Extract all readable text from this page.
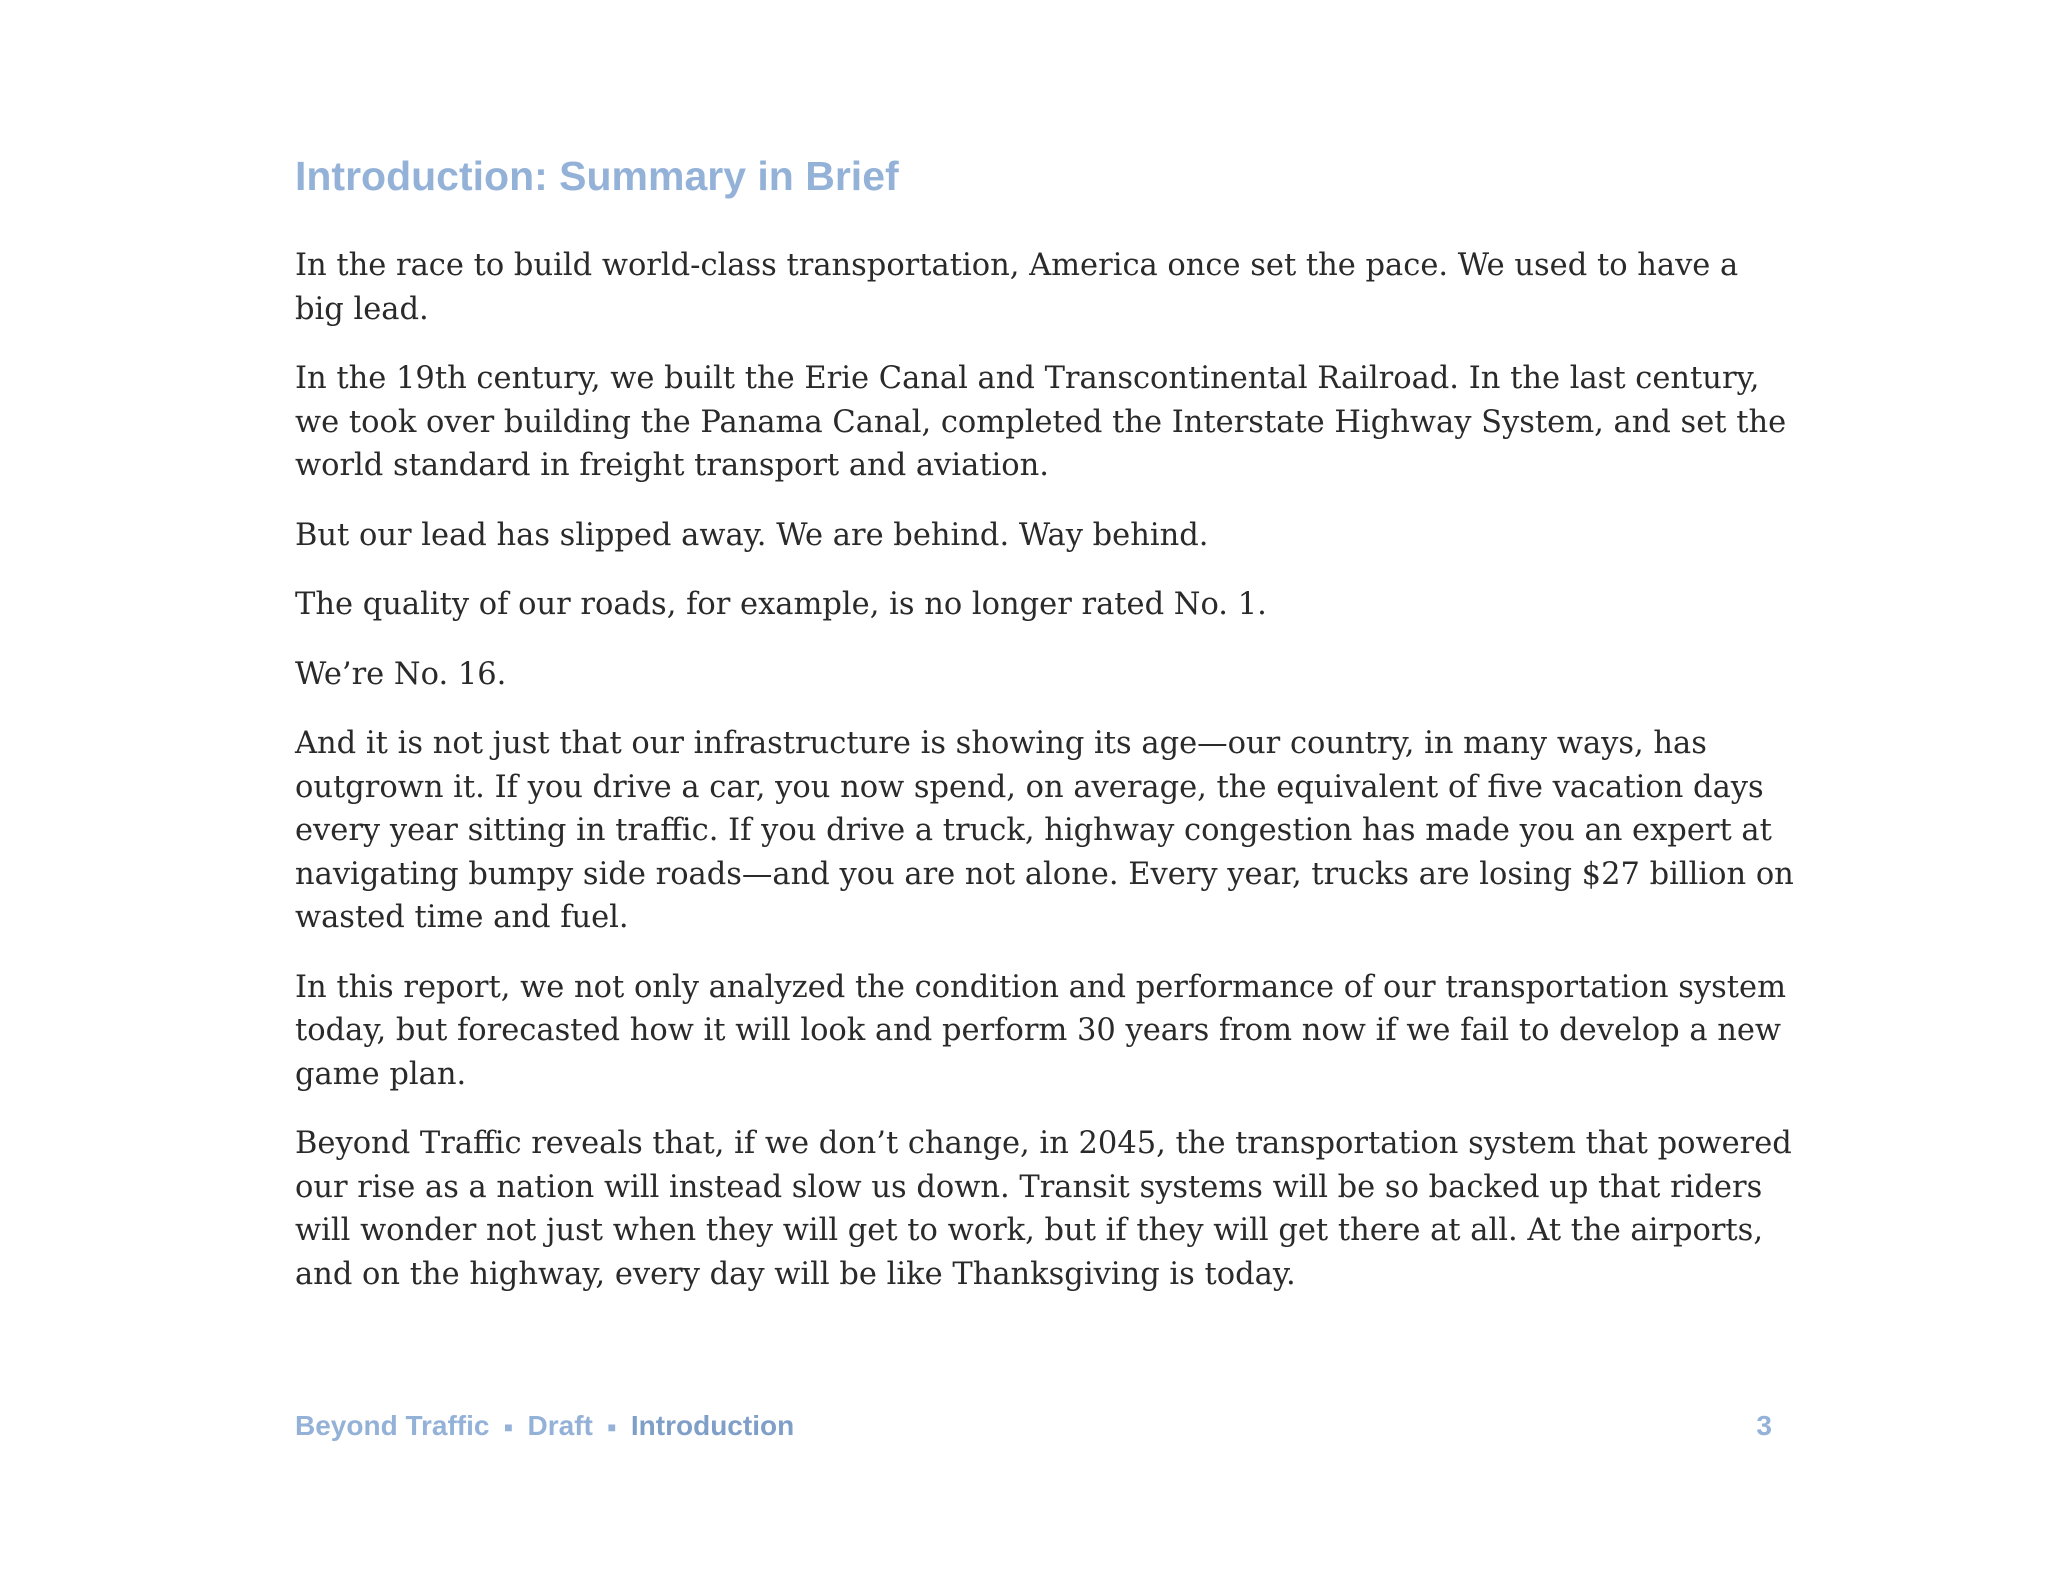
Introduction: Summary in Brief

In the race to build world-class transportation, America once set the pace. We used to have a big lead.

In the 19th century, we built the Erie Canal and Transcontinental Railroad. In the last century, we took over building the Panama Canal, completed the Interstate Highway System, and set the world standard in freight transport and aviation.

But our lead has slipped away. We are behind. Way behind.

The quality of our roads, for example, is no longer rated No. 1.

We’re No. 16.

And it is not just that our infrastructure is showing its age—our country, in many ways, has outgrown it. If you drive a car, you now spend, on average, the equivalent of five vacation days every year sitting in traffic. If you drive a truck, highway congestion has made you an expert at navigating bumpy side roads—and you are not alone. Every year, trucks are losing $27 billion on wasted time and fuel.

In this report, we not only analyzed the condition and performance of our transportation system today, but forecasted how it will look and perform 30 years from now if we fail to develop a new game plan.

Beyond Traffic reveals that, if we don’t change, in 2045, the transportation system that powered our rise as a nation will instead slow us down. Transit systems will be so backed up that riders will wonder not just when they will get to work, but if they will get there at all. At the airports, and on the highway, every day will be like Thanksgiving is today.

Beyond Traffic ■ Draft ■ Introduction	3
